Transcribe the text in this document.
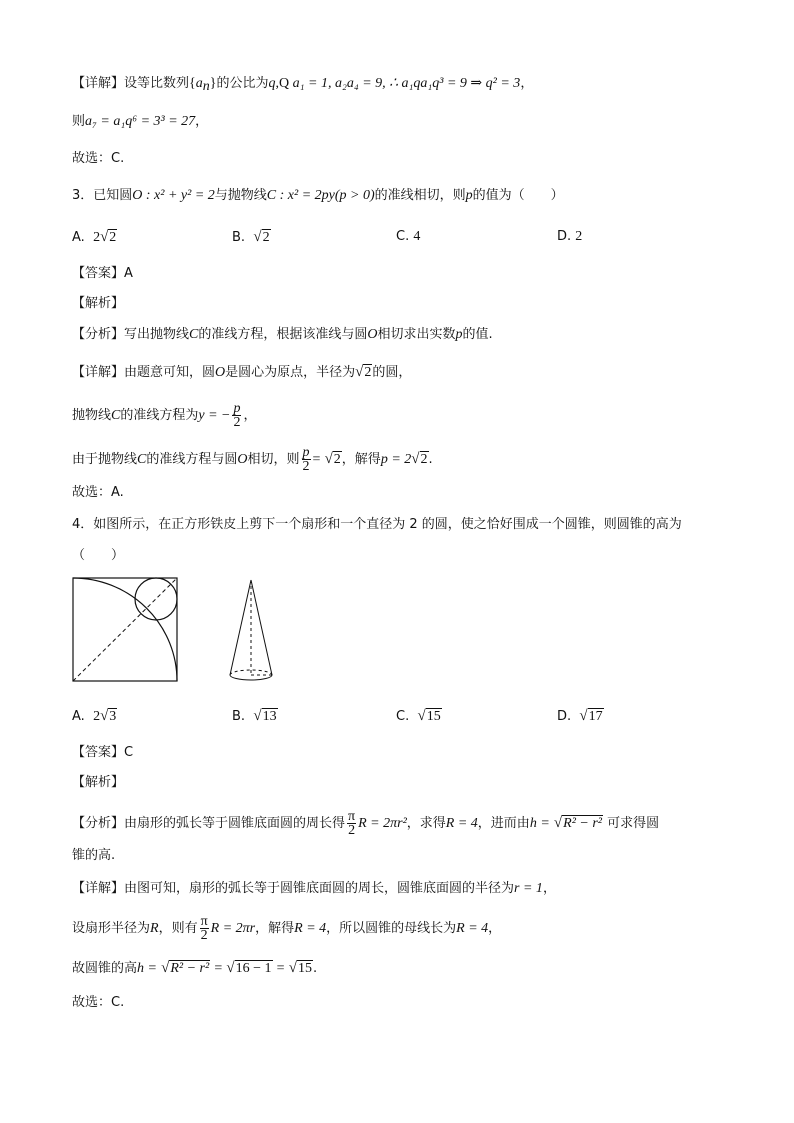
【详解】设等比数列$\{a_n\}$的公比为q,Q a₁ = 1, a₂a₄ = 9, ∴ a₁qa₁q³ = 9 ⇒ q² = 3，
则a₇ = a₁q⁶ = 3³ = 27，
故选：C.
3．已知圆O : x² + y² = 2与抛物线C : x² = 2py(p > 0)的准线相切，则p的值为（　　）
A. 2√2	B. √2	C. 4	D. 2
【答案】A
【解析】
【分析】写出抛物线C的准线方程，根据该准线与圆O相切求出实数p的值.
【详解】由题意可知，圆O是圆心为原点，半径为√2的圆，
抛物线C的准线方程为y = − $\frac{p}{2}$ ，
由于抛物线C的准线方程与圆O相切，则 $\frac{p}{2} = √2$，解得p = 2√2.
故选：A.
4．如图所示，在正方形铁皮上剪下一个扇形和一个直径为 2 的圆，使之恰好围成一个圆锥，则圆锥的高为
（　　）
A. 2√3	B. √13	C. √15	D. √17
【答案】C
【解析】
【分析】由扇形的弧长等于圆锥底面圆的周长得 $\frac{\pi}{2}$ R = 2πr²，求得R = 4，进而由h = √R² − r² 可求得圆
锥的高.
【详解】由图可知，扇形的弧长等于圆锥底面圆的周长，圆锥底面圆的半径为r = 1，
设扇形半径为R，则有 $\frac{\pi}{2}$ R = 2πr，解得R = 4，所以圆锥的母线长为R = 4，
故圆锥的高h = √R² − r² = √16 − 1 = √15.
故选：C.
